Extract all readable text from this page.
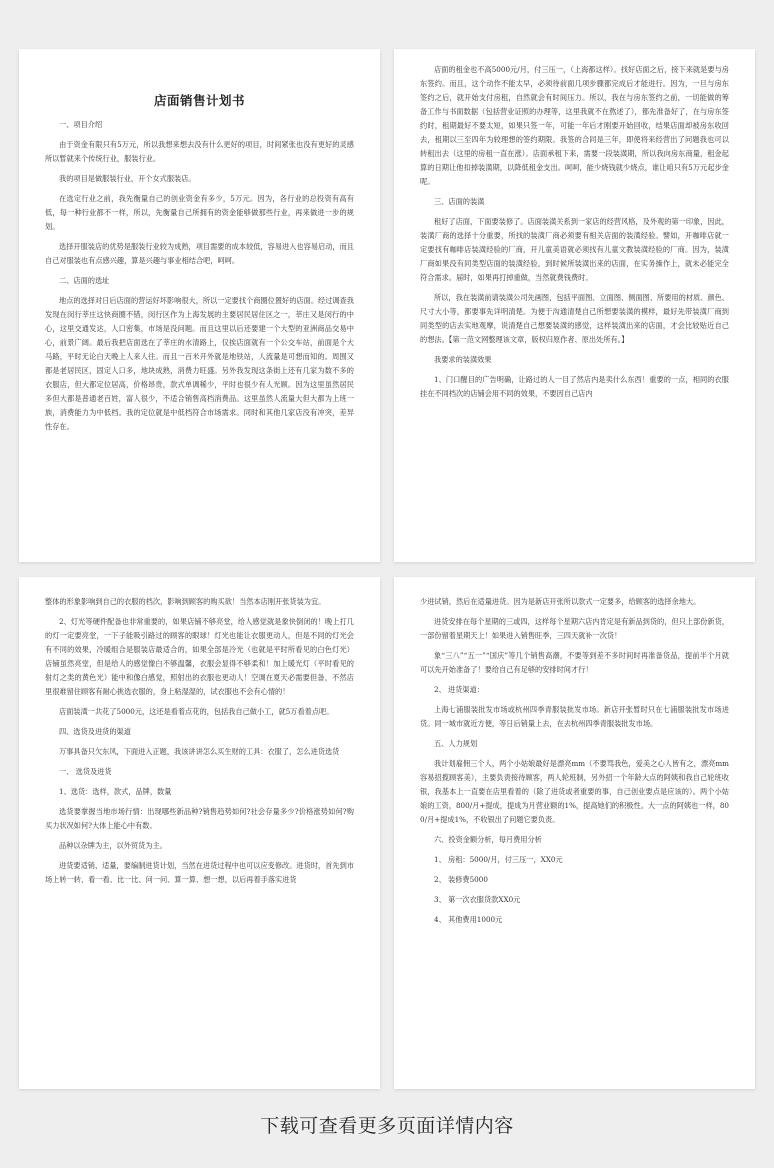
店面销售计划书
一、项目介绍

由于资金有限只有5万元，所以我想来想去没有什么更好的项目，时间紧张也没有更好的灵感所以暂就来个传统行业，服装行业。

我的项目是做服装行业，开个女式服装店。

在选定行业之前，我先衡量自己的创业资金有多少，5万元。因为，各行业的总投资有高有低，每一种行业都不一样，所以，先衡量自己所拥有的资金能够做那些行业，再来做进一步的规划。

选择开服装店的优势是服装行业较为成熟，项目需要的成本较低，容易进入也容易启动，而且自己对服装也有点感兴趣，算是兴趣与事业相结合吧，呵呵。

二、店面的选址

地点的选择对日后店面的营运好坏影响很大，所以一定要找个商圈位置好的店面。经过调查我发现在闵行莘庄这快商圈不错，闵行区作为上海发展的主要居民居住区之一，莘庄又是闵行的中心，这里交通发达，人口密集，市场是没问题。而且这里以后还要建一个大型的亚洲商品交易中心，前景广阔。最后我把店面选在了莘庄的水清路上，仅挨店面就有一个公交车站，前面是个大马路，平时无论白天晚上人来人往。而且一百米开外就是地铁站，人流量是可想而知的。周围又都是老居民区，固定人口多，地块成熟，消费力旺盛。另外我发现这条街上还有几家为数不多的衣服店，但大都定位居高，价格昂贵，款式单调稀少，平时也很少有人光顾。因为这里虽然居民多但大都是普通老百姓，富人很少，不适合销售高档消费品。这里虽然人流量大但大都为上班一族，消费能力为中低档。我的定位就是中低档符合市场需求。同时和其他几家店没有冲突，差异性存在。

店面的租金也不高5000元/月，付三压一，（上海都这样）。找好店面之后，接下来就是要与房东签约。而且，这个动作不能太早，必须待前面几项步骤都完成后才能进行。因为，一旦与房东签约之后，就开始支付房租，自然就会有时间压力。所以，我在与房东签约之前，一切能做的筹备工作与书面数据（包括营业证照的办理等，这里我就不在熬述了），都先准备好了，在与房东签约时，租期最好不要太短，如果只签一年，可能一年后才刚要开始回收，结果店面却被房东收回去，租期以三至四年为较理想的签约期限。我签的合同是三年，即使将来经营出了问题我也可以转租出去（这里的房租一直在涨）。店面承租下来，需要一段装潢期，所以我向房东商量，租金起算的日期让他扣掉装潢期，以降低租金支出。呵呵，能少烧钱就少烧点，谁让咱只有5万元起步金呢。

三、店面的装潢

租好了店面，下面要装修了。店面装潢关系到一家店的经营风格，及外观的第一印象，因此，装潢厂商的选择十分重要，所找的装潢厂商必须要有相关店面的装潢经验。譬如，开咖啡店就一定要找有咖啡店装潢经验的厂商，开儿童美语就必须找有儿童文教装潢经验的厂商。因为，装潢厂商如果没有同类型店面的装潢经验，到时候所装潢出来的店面，在实务操作上，就未必能完全符合需求。届时，如果再打掉重做，当然就费钱费时。

所以，我在装潢前请装潢公司先画图，包括平面图、立面图、侧面图、所要用的材质、颜色、尺寸大小等，都要事先详明清楚。为便于沟通清楚自己所想要装潢的模样，最好先带装潢厂商到同类型的店去实地观摩，说清楚自己想要装潢的感觉，这样装潢出来的店面，才会比较贴近自己的想法。【第一范文网整理该文章，版权归原作者、原出处所有。】

我要求的装潢效果

1、门口醒目的广告明确，让路过的人一目了然店内是卖什么东西！重要的一点，相同的衣服挂在不同档次的店铺会用不同的效果，不要因自己店内

整体的形象影响到自己的衣服的档次，影响到顾客的购买欲！当然本店刚开张货装为宜。

2、灯光等硬件配备也非常重要的，如果店铺不够亮堂，给人感觉就是象快倒闭的！晚上打几的灯一定要亮堂，一下子能吸引路过的顾客的眼球！灯光也能让衣服更动人，但是不同的灯光会有不同的效果，冷暖组合是服装店最适合的，如果全部是冷光（也就是平时所看见的白色灯光）店铺虽然亮堂，但是给人的感觉像白不够温馨，衣服会显得不够柔和！加上暖光灯（平时看见的射灯之类的黄色光）能中和像白感觉，照射出的衣服也更动人！空调在夏天必需要但备，不然店里很难留住顾客有耐心挑选衣服的，身上粘湿湿的，试衣服也不会有心情的！

店面装潢一共花了5000元，这还是看着点花的，包括我自己做小工，就5万看着点吧。

四、选货及进货的渠道

万事具备只欠东风，下面进入正题，我该讲讲怎么买生财的工具：衣服了，怎么进货选货

一、 选货及进货
1、选货：选样，款式，品牌，数量

选货要掌握当地市场行情：出现哪些新品种?销售趋势如何?社会存量多少?价格涨势如何?购买力状况如何?大体上能心中有数。

品种以杂牌为主，以外贸货为主。

进货要适销、适量，要编制进货计划，当然在进货过程中也可以应变修改。进货时，首先到市场上转一转、看一看、比一比、问一问、算一算、想一想，以后再着手落实进货

少进试销，然后在适量进货。因为是新店开张所以款式一定要多，给顾客的选择余地大。

进货安排在每个星期的三或四，这样每个星期六店内肯定是有新品到货的，但只上部份新货，一部份留着星期天上！如果进入销售旺季，三四天就补一次货！

象“三八”“五一”“国庆”等几个销售高潮，不要等到差不多时间时再准备货品，提前半个月就可以先开始准备了！要给自己有足够的安排时间才行！

2、 进货渠道：

上海七浦服装批发市场或杭州四季青服装批发市场。新店开张暂时只在七浦服装批发市场进货。同一城市就近方便，等日后销量上去，在去杭州四季青服装批发市场。

五、人力规划

我计划雇佣三个人，两个小姑娘最好是漂亮mm（不要骂我色，爱美之心人皆有之，漂亮mm容易招揽顾客美），主要负责接待顾客，两人轮班制，另外招一个年龄大点的阿姨和我自己轮班收银，我基本上一直要在店里看着的（除了进货或者重要的事，自己创业要点是应该的）。两个小姑娘的工资，800/月+提成，提成为月营业额的1%，提高她们的积极性。大一点的阿姨也一样，800/月+提成1%，不收银出了问题它要负责。

六、投资金额分析，每月费用分析
1、 房租：5000/月，付三压一，XX0元
2、 装修费5000
3、 第一次衣服货款XX0元
4、 其他费用1000元
下载可查看更多页面详情内容
